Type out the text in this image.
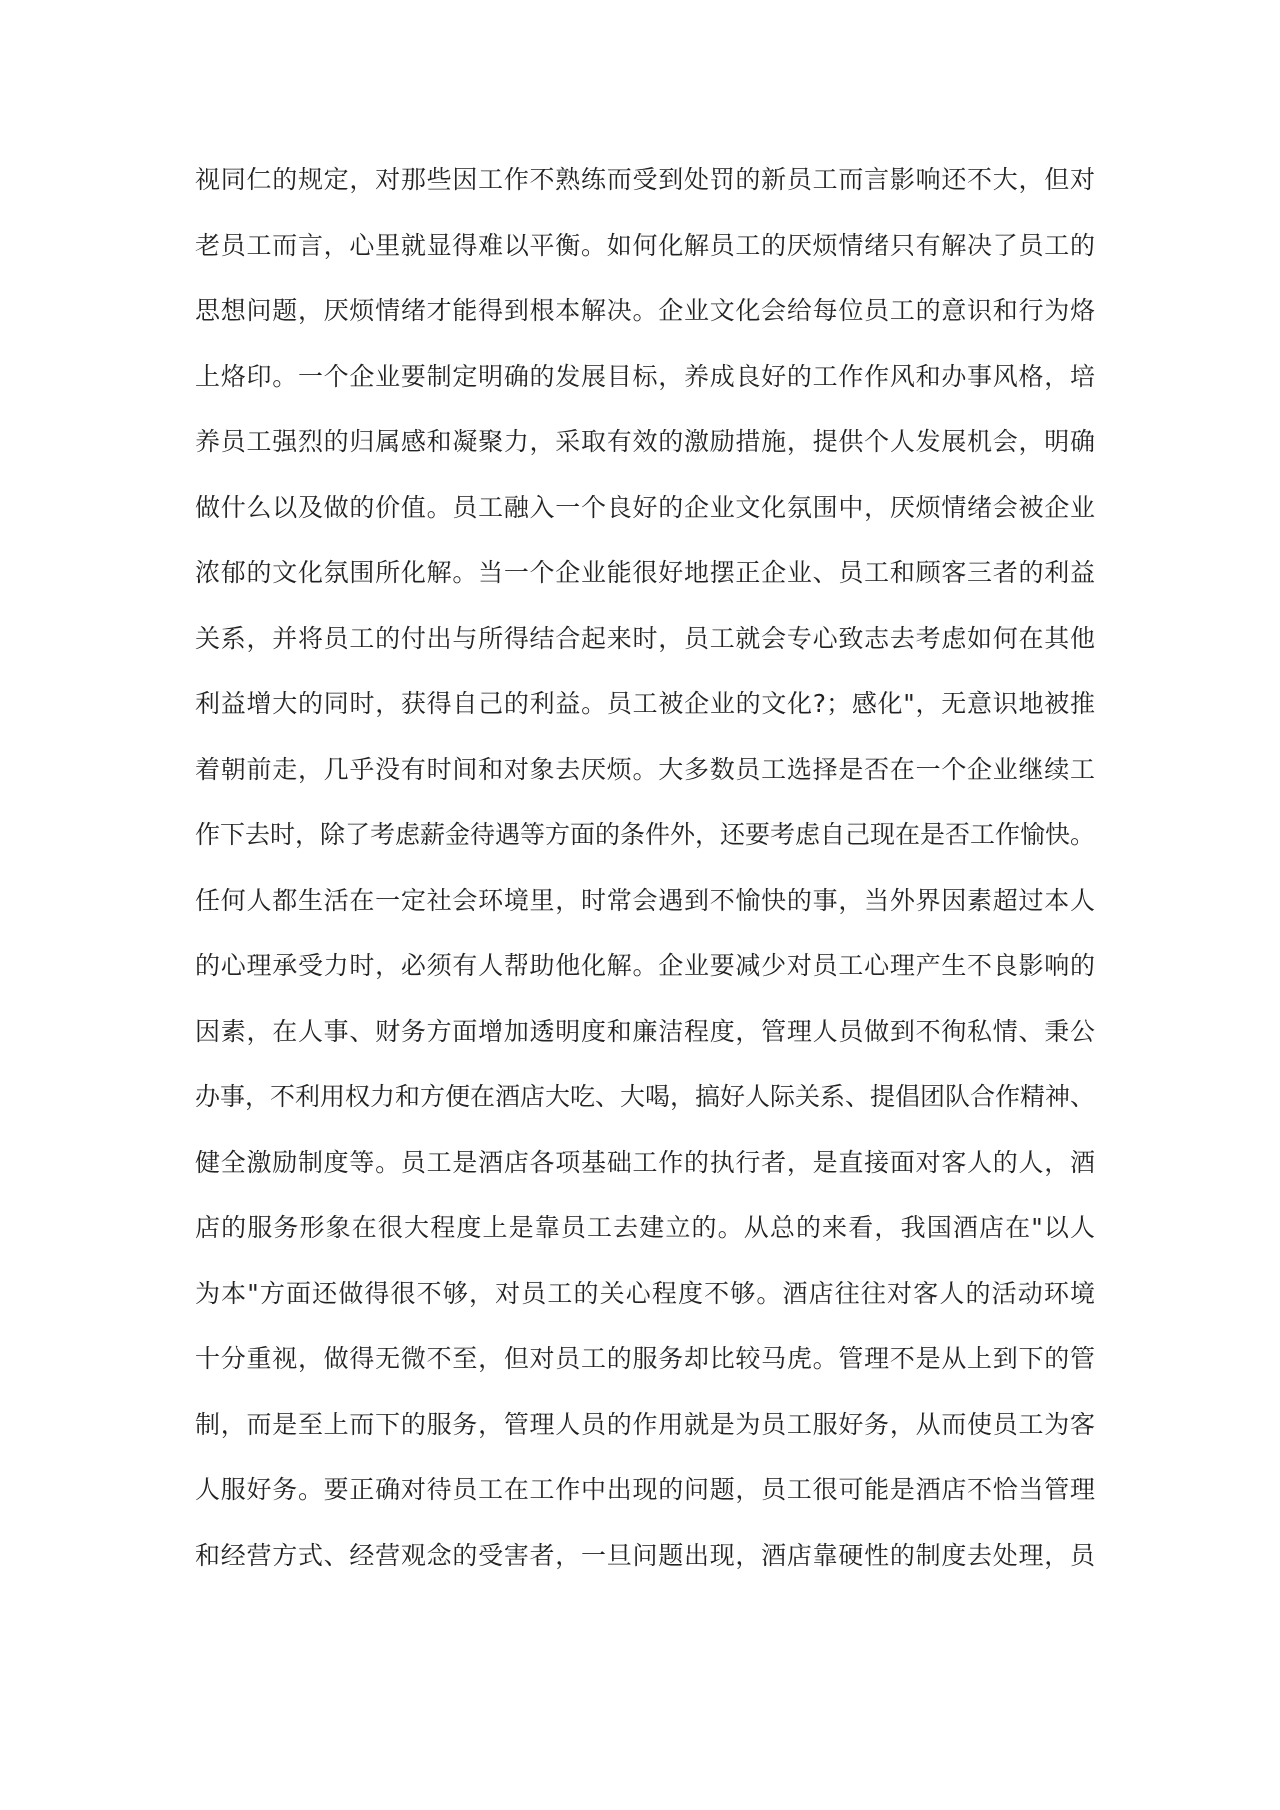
视同仁的规定，对那些因工作不熟练而受到处罚的新员工而言影响还不大，但对
老员工而言，心里就显得难以平衡。如何化解员工的厌烦情绪只有解决了员工的
思想问题，厌烦情绪才能得到根本解决。企业文化会给每位员工的意识和行为烙
上烙印。一个企业要制定明确的发展目标，养成良好的工作作风和办事风格，培
养员工强烈的归属感和凝聚力，采取有效的激励措施，提供个人发展机会，明确
做什么以及做的价值。员工融入一个良好的企业文化氛围中，厌烦情绪会被企业
浓郁的文化氛围所化解。当一个企业能很好地摆正企业、员工和顾客三者的利益
关系，并将员工的付出与所得结合起来时，员工就会专心致志去考虑如何在其他
利益增大的同时，获得自己的利益。员工被企业的文化?；感化"，无意识地被推
着朝前走，几乎没有时间和对象去厌烦。大多数员工选择是否在一个企业继续工
作下去时，除了考虑薪金待遇等方面的条件外，还要考虑自己现在是否工作愉快。
任何人都生活在一定社会环境里，时常会遇到不愉快的事，当外界因素超过本人
的心理承受力时，必须有人帮助他化解。企业要减少对员工心理产生不良影响的
因素，在人事、财务方面增加透明度和廉洁程度，管理人员做到不徇私情、秉公
办事，不利用权力和方便在酒店大吃、大喝，搞好人际关系、提倡团队合作精神、
健全激励制度等。员工是酒店各项基础工作的执行者，是直接面对客人的人，酒
店的服务形象在很大程度上是靠员工去建立的。从总的来看，我国酒店在"以人
为本"方面还做得很不够，对员工的关心程度不够。酒店往往对客人的活动环境
十分重视，做得无微不至，但对员工的服务却比较马虎。管理不是从上到下的管
制，而是至上而下的服务，管理人员的作用就是为员工服好务，从而使员工为客
人服好务。要正确对待员工在工作中出现的问题，员工很可能是酒店不恰当管理
和经营方式、经营观念的受害者，一旦问题出现，酒店靠硬性的制度去处理，员
